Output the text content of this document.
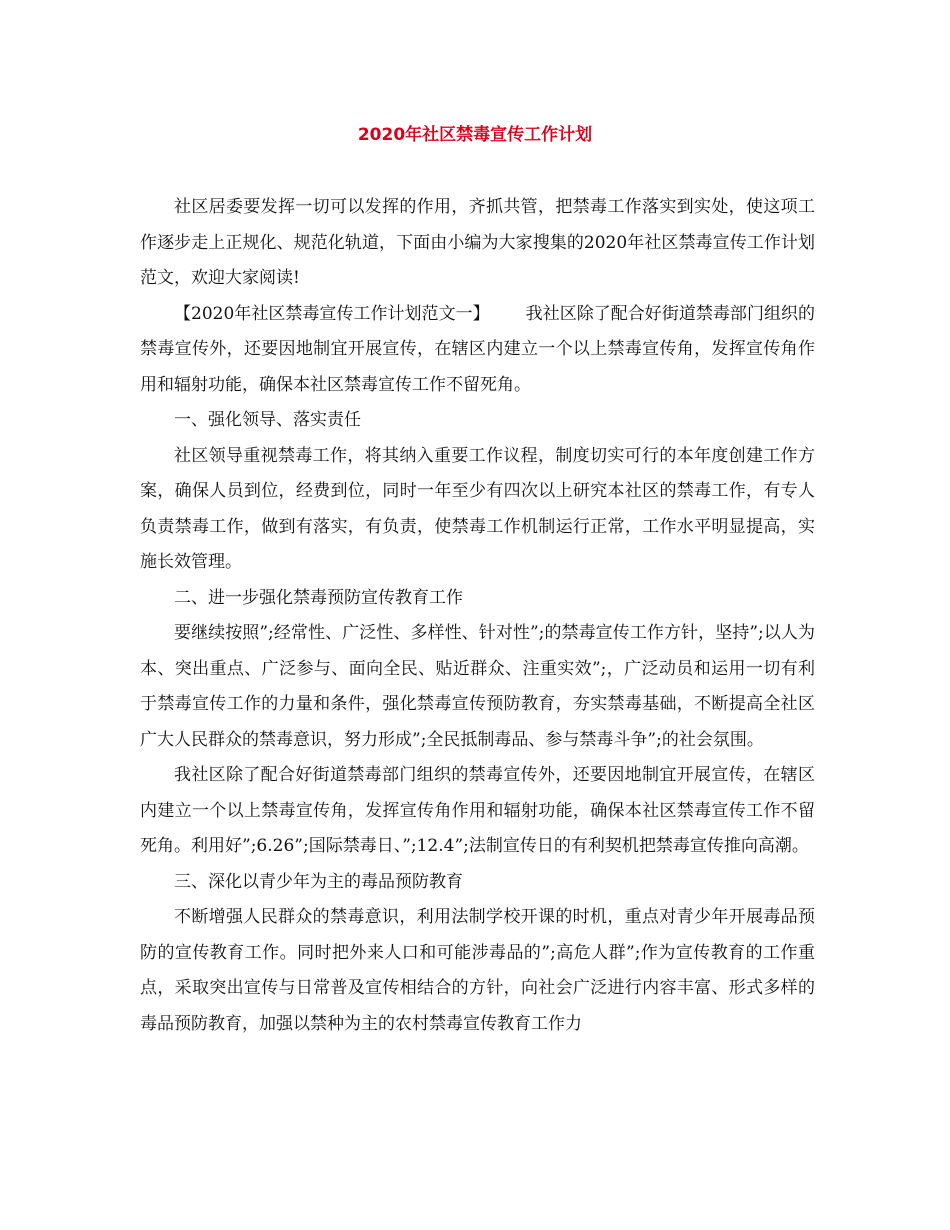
2020年社区禁毒宣传工作计划

社区居委要发挥一切可以发挥的作用，齐抓共管，把禁毒工作落实到实处，使这项工作逐步走上正规化、规范化轨道，下面由小编为大家搜集的2020年社区禁毒宣传工作计划范文，欢迎大家阅读!

【2020年社区禁毒宣传工作计划范文一】 我社区除了配合好街道禁毒部门组织的禁毒宣传外，还要因地制宜开展宣传，在辖区内建立一个以上禁毒宣传角，发挥宣传角作用和辐射功能，确保本社区禁毒宣传工作不留死角。

一、强化领导、落实责任

社区领导重视禁毒工作，将其纳入重要工作议程，制度切实可行的本年度创建工作方案，确保人员到位，经费到位，同时一年至少有四次以上研究本社区的禁毒工作，有专人负责禁毒工作，做到有落实，有负责，使禁毒工作机制运行正常，工作水平明显提高，实施长效管理。

二、进一步强化禁毒预防宣传教育工作

要继续按照”;经常性、广泛性、多样性、针对性”;的禁毒宣传工作方针，坚持”;以人为本、突出重点、广泛参与、面向全民、贴近群众、注重实效”;，广泛动员和运用一切有利于禁毒宣传工作的力量和条件，强化禁毒宣传预防教育，夯实禁毒基础，不断提高全社区广大人民群众的禁毒意识，努力形成”;全民抵制毒品、参与禁毒斗争”;的社会氛围。

我社区除了配合好街道禁毒部门组织的禁毒宣传外，还要因地制宜开展宣传，在辖区内建立一个以上禁毒宣传角，发挥宣传角作用和辐射功能，确保本社区禁毒宣传工作不留死角。利用好”;6.26”;国际禁毒日、”;12.4”;法制宣传日的有利契机把禁毒宣传推向高潮。

三、深化以青少年为主的毒品预防教育

不断增强人民群众的禁毒意识，利用法制学校开课的时机，重点对青少年开展毒品预防的宣传教育工作。同时把外来人口和可能涉毒品的”;高危人群”;作为宣传教育的工作重点，采取突出宣传与日常普及宣传相结合的方针，向社会广泛进行内容丰富、形式多样的毒品预防教育，加强以禁种为主的农村禁毒宣传教育工作力
